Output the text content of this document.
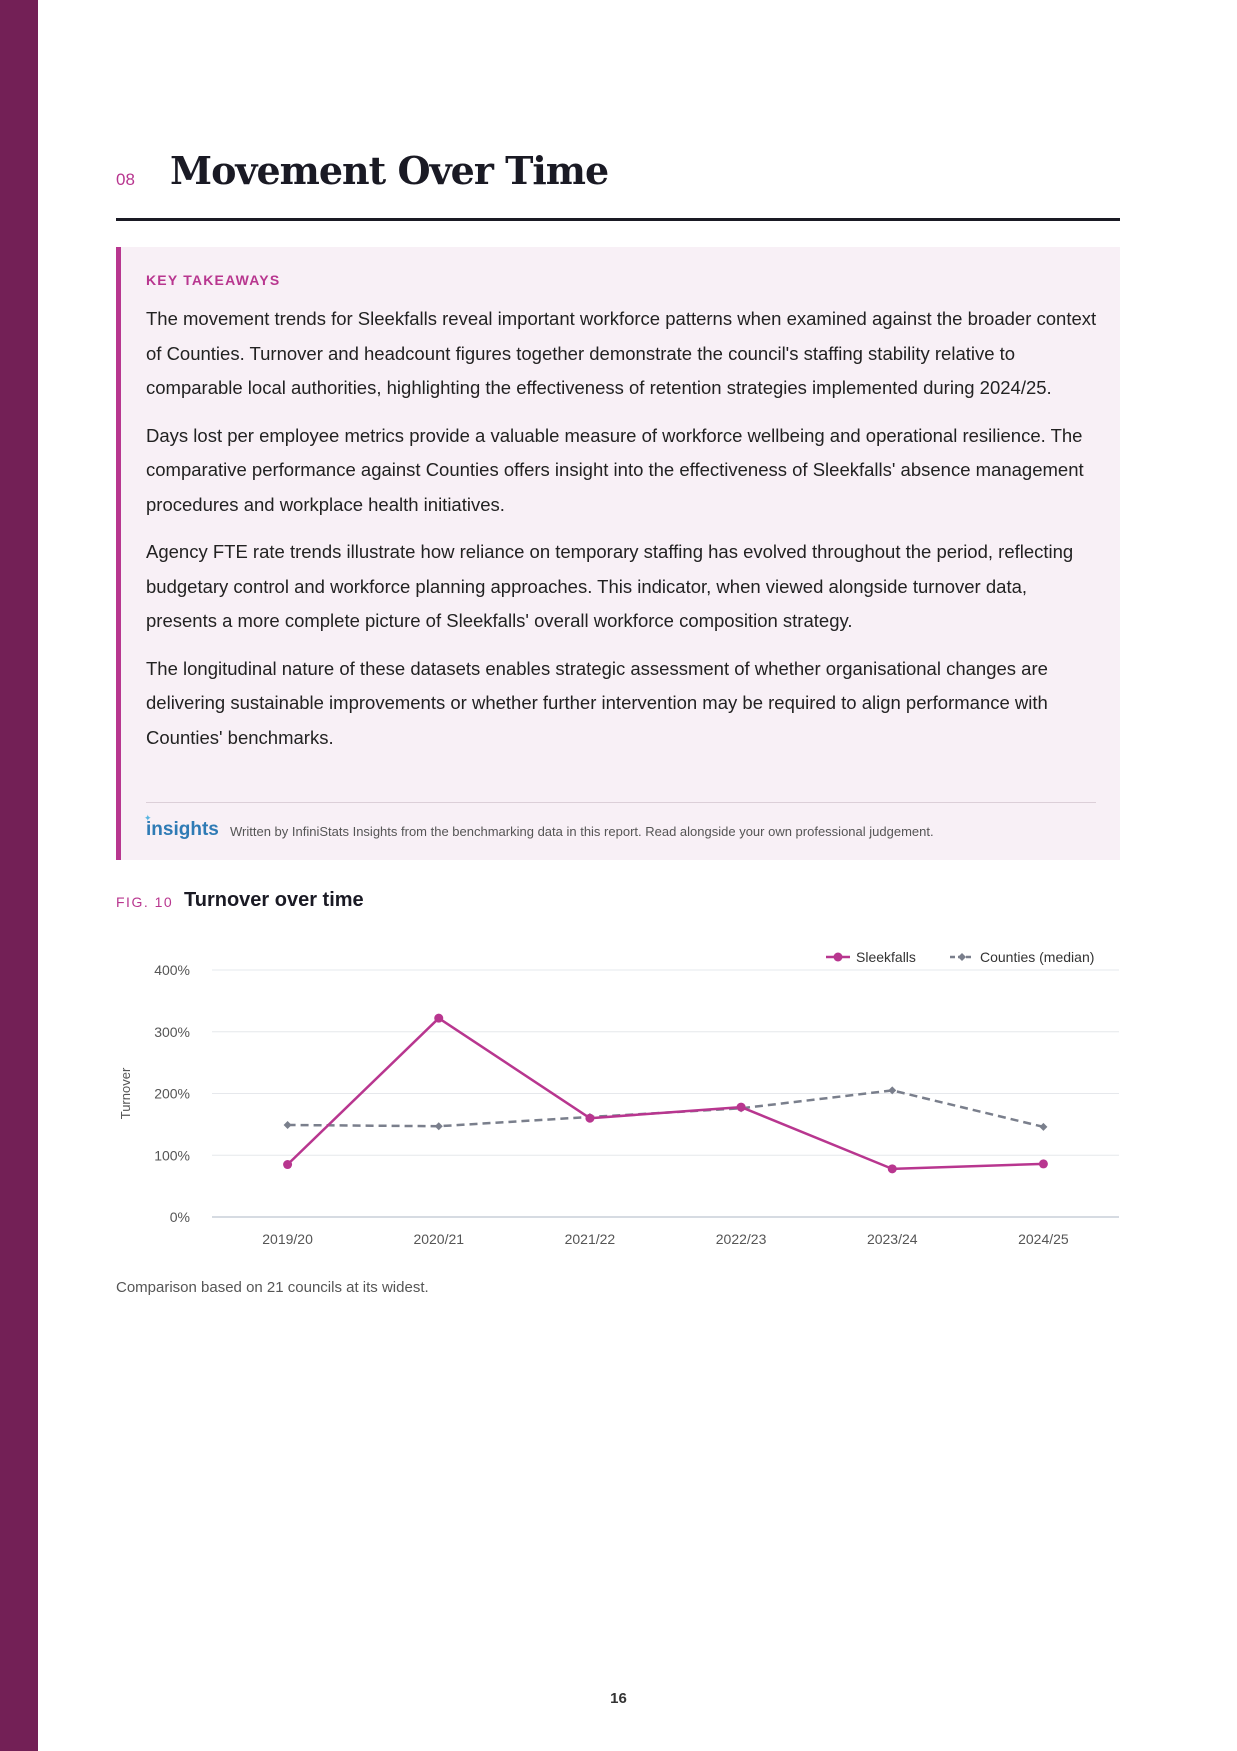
08 Movement Over Time
KEY TAKEAWAYS

The movement trends for Sleekfalls reveal important workforce patterns when examined against the broader context of Counties. Turnover and headcount figures together demonstrate the council's staffing stability relative to comparable local authorities, highlighting the effectiveness of retention strategies implemented during 2024/25.

Days lost per employee metrics provide a valuable measure of workforce wellbeing and operational resilience. The comparative performance against Counties offers insight into the effectiveness of Sleekfalls' absence management procedures and workplace health initiatives.

Agency FTE rate trends illustrate how reliance on temporary staffing has evolved throughout the period, reflecting budgetary control and workforce planning approaches. This indicator, when viewed alongside turnover data, presents a more complete picture of Sleekfalls' overall workforce composition strategy.

The longitudinal nature of these datasets enables strategic assessment of whether organisational changes are delivering sustainable improvements or whether further intervention may be required to align performance with Counties' benchmarks.

✦
insights Written by InfiniStats Insights from the benchmarking data in this report. Read alongside your own professional judgement.
FIG. 10 Turnover over time
0%
100%
200%
300%
400%
2019/20	2020/21	2021/22	2022/23	2023/24	2024/25
Turnover
Sleekfalls	Counties (median)
Comparison based on 21 councils at its widest.
16
